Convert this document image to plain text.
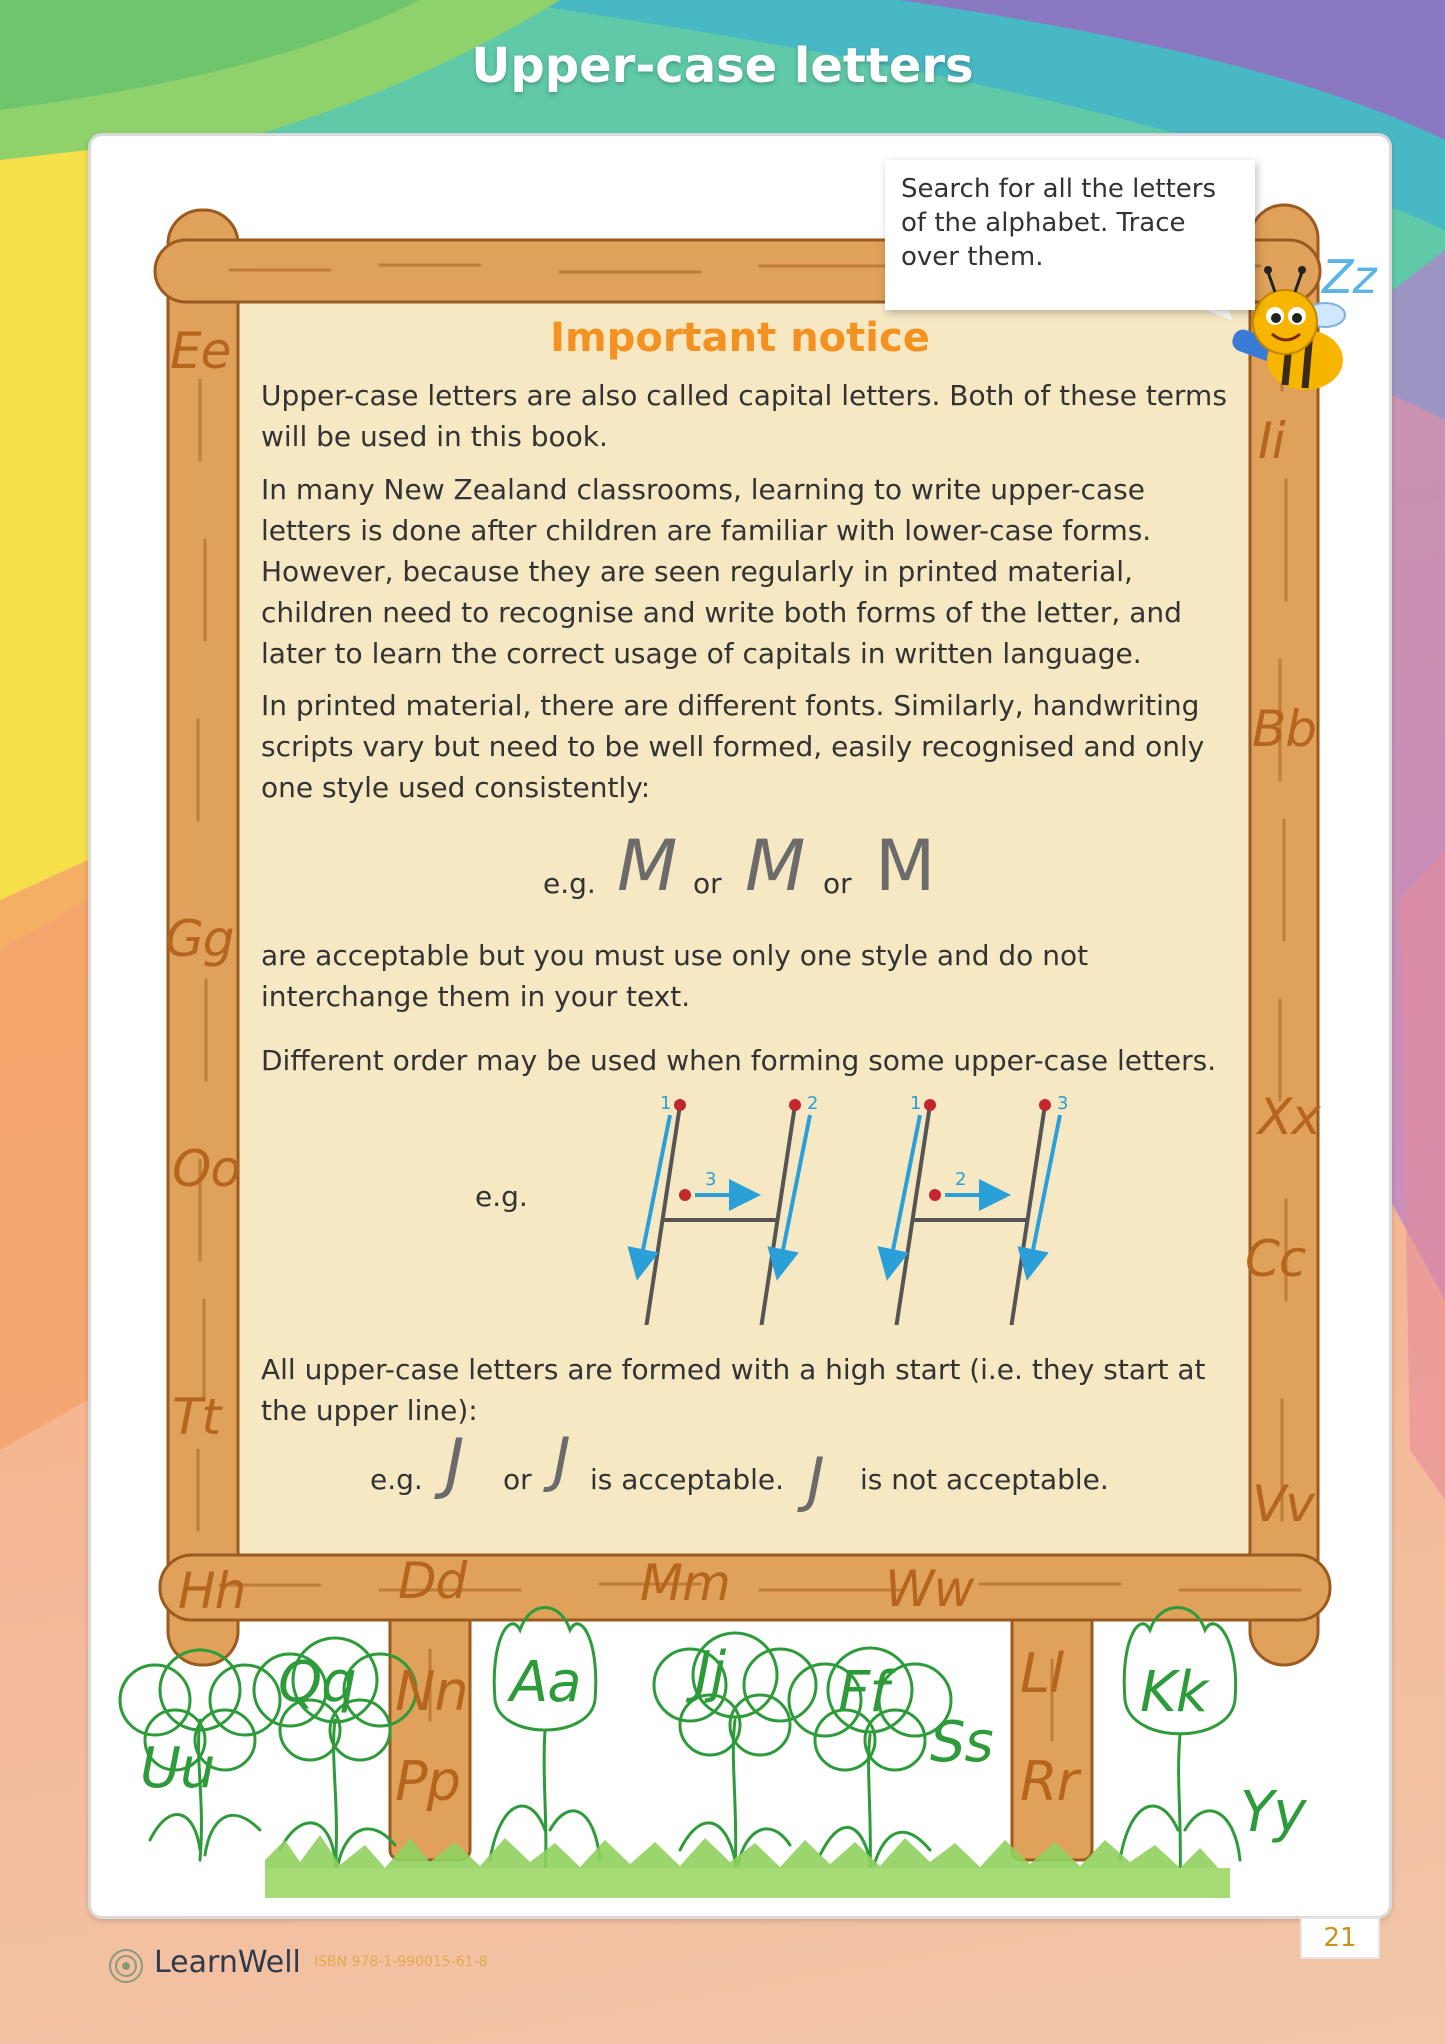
Upper-case letters
Search for all the letters of the alphabet. Trace over them.
Ee
Gg
Oo
Tt
Hh	Dd	Mm	Ww
Ii
Bb
Xx
Cc
Vv
Zz
Nn
Pp
Ll
Rr
Uu
Qq	Aa Jj Ff
Ss
Kk
Yy
Important notice
Upper-case letters are also called capital letters. Both of these terms will be used in this book.
In many New Zealand classrooms, learning to write upper-case letters is done after children are familiar with lower-case forms. However, because they are seen regularly in printed material, children need to recognise and write both forms of the letter, and later to learn the correct usage of capitals in written language.
In printed material, there are different fonts. Similarly, handwriting scripts vary but need to be well formed, easily recognised and only one style used consistently:
e.g. M or M or M
are acceptable but you must use only one style and do not interchange them in your text.
Different order may be used when forming some upper-case letters.
e.g.
1	2
3
1
2
3
All upper-case letters are formed with a high start (i.e. they start at the upper line):
e.g. J or J is acceptable. J is not acceptable.
LearnWell ISBN 978-1-990015-61-8
21
